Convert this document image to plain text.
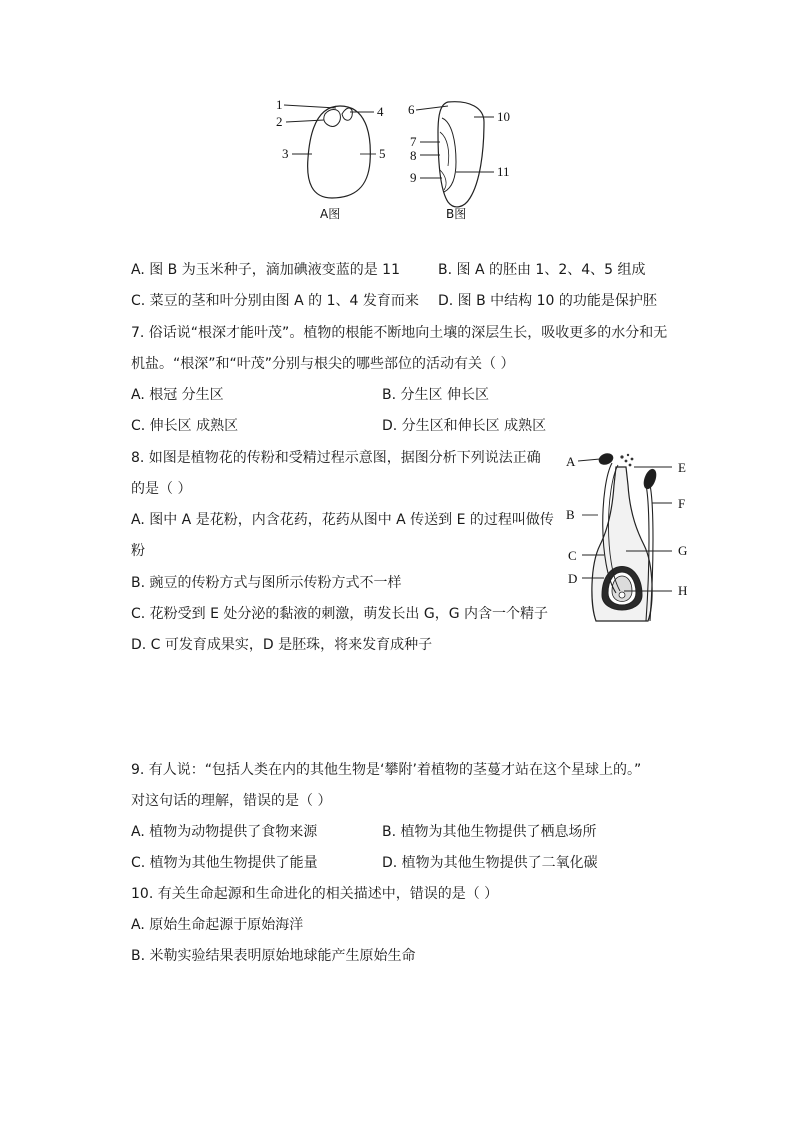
1
2
3
4
5
A图
6
7
8
9
10
11
B图
A. 图 B 为玉米种子，滴加碘液变蓝的是 11	B. 图 A 的胚由 1、2、4、5 组成
C. 菜豆的茎和叶分别由图 A 的 1、4 发育而来 D. 图 B 中结构 10 的功能是保护胚
7. 俗话说“根深才能叶茂”。植物的根能不断地向土壤的深层生长，吸收更多的水分和无
机盐。“根深”和“叶茂”分别与根尖的哪些部位的活动有关（ ）
A. 根冠 分生区	B. 分生区 伸长区
C. 伸长区 成熟区	D. 分生区和伸长区 成熟区
8. 如图是植物花的传粉和受精过程示意图，据图分析下列说法正确
的是（ ）
A. 图中 A 是花粉，内含花药，花药从图中 A 传送到 E 的过程叫做传
粉
B. 豌豆的传粉方式与图所示传粉方式不一样
C. 花粉受到 E 处分泌的黏液的刺激，萌发长出 G，G 内含一个精子
D. C 可发育成果实，D 是胚珠，将来发育成种子
A
B
C
D
E
F
G
H
9. 有人说：“包括人类在内的其他生物是‘攀附’着植物的茎蔓才站在这个星球上的。”
对这句话的理解，错误的是（ ）
A. 植物为动物提供了食物来源	B. 植物为其他生物提供了栖息场所
C. 植物为其他生物提供了能量	D. 植物为其他生物提供了二氧化碳
10. 有关生命起源和生命进化的相关描述中，错误的是（ ）
A. 原始生命起源于原始海洋
B. 米勒实验结果表明原始地球能产生原始生命
